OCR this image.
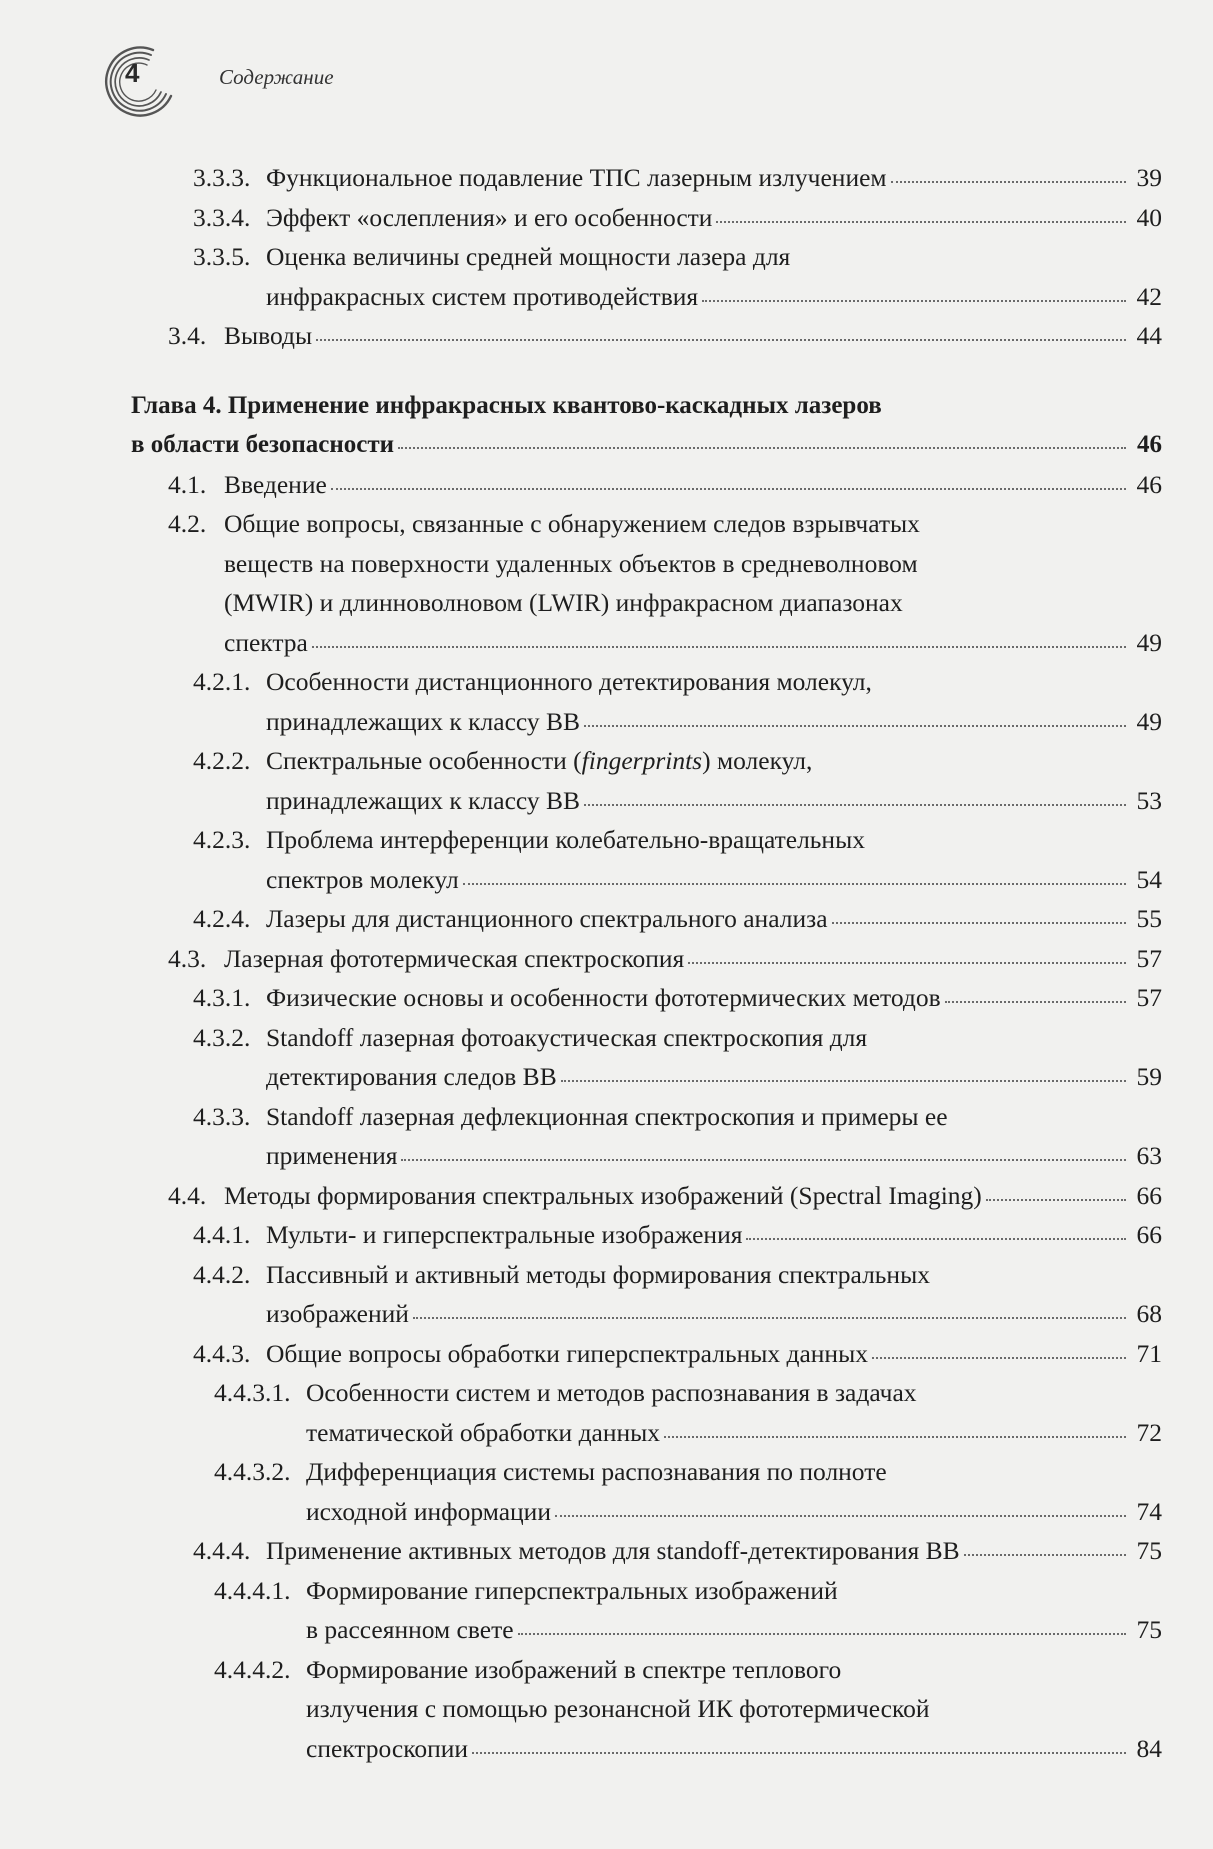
4	Содержание
3.3.3. Функциональное подавление ТПС лазерным излучением	39
3.3.4. Эффект «ослепления» и его особенности	40
3.3.5. Оценка величины средней мощности лазера для
инфракрасных систем противодействия	42
3.4. Выводы	44
Глава 4. Применение инфракрасных квантово-каскадных лазеров
в области безопасности	46
4.1. Введение	46
4.2. Общие вопросы, связанные с обнаружением следов взрывчатых
веществ на поверхности удаленных объектов в средневолновом
(MWIR) и длинноволновом (LWIR) инфракрасном диапазонах
спектра	49
4.2.1. Особенности дистанционного детектирования молекул,
принадлежащих к классу ВВ	49
4.2.2. Спектральные особенности (fingerprints) молекул,
принадлежащих к классу ВВ	53
4.2.3. Проблема интерференции колебательно-вращательных
спектров молекул	54
4.2.4. Лазеры для дистанционного спектрального анализа	55
4.3. Лазерная фототермическая спектроскопия	57
4.3.1. Физические основы и особенности фототермических методов	57
4.3.2. Standoff лазерная фотоакустическая спектроскопия для
детектирования следов ВВ	59
4.3.3. Standoff лазерная дефлекционная спектроскопия и примеры ее
применения	63
4.4. Методы формирования спектральных изображений (Spectral Imaging)	66
4.4.1. Мульти- и гиперспектральные изображения	66
4.4.2. Пассивный и активный методы формирования спектральных
изображений	68
4.4.3. Общие вопросы обработки гиперспектральных данных	71
4.4.3.1. Особенности систем и методов распознавания в задачах
тематической обработки данных	72
4.4.3.2. Дифференциация системы распознавания по полноте
исходной информации	74
4.4.4. Применение активных методов для standoff-детектирования ВВ	75
4.4.4.1. Формирование гиперспектральных изображений
в рассеянном свете	75
4.4.4.2. Формирование изображений в спектре теплового
излучения с помощью резонансной ИК фототермической
спектроскопии	84
